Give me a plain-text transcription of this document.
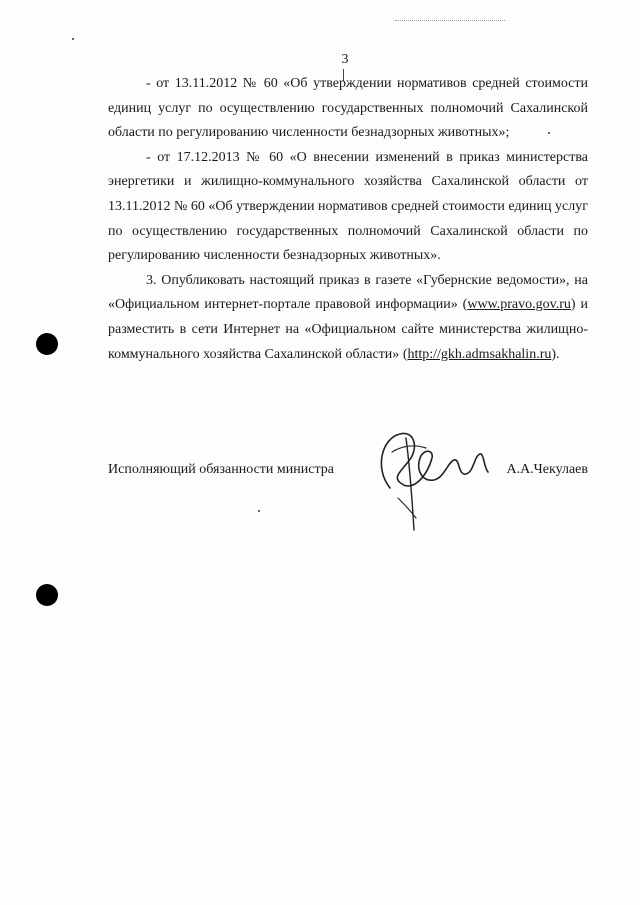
3

- от 13.11.2012 № 60 «Об утверждении нормативов средней стоимости единиц услуг по осуществлению государственных полномочий Сахалинской области по регулированию численности безнадзорных животных»;

- от 17.12.2013 № 60 «О внесении изменений в приказ министерства энергетики и жилищно-коммунального хозяйства Сахалинской области от 13.11.2012 № 60 «Об утверждении нормативов средней стоимости единиц услуг по осуществлению государственных полномочий Сахалинской области по регулированию численности безнадзорных животных».

3. Опубликовать настоящий приказ в газете «Губернские ведомости», на «Официальном интернет-портале правовой информации» (www.pravo.gov.ru) и разместить в сети Интернет на «Официальном сайте министерства жилищно-коммунального хозяйства Сахалинской области» (http://gkh.admsakhalin.ru).

Исполняющий обязанности министра	А.А.Чекулаев
